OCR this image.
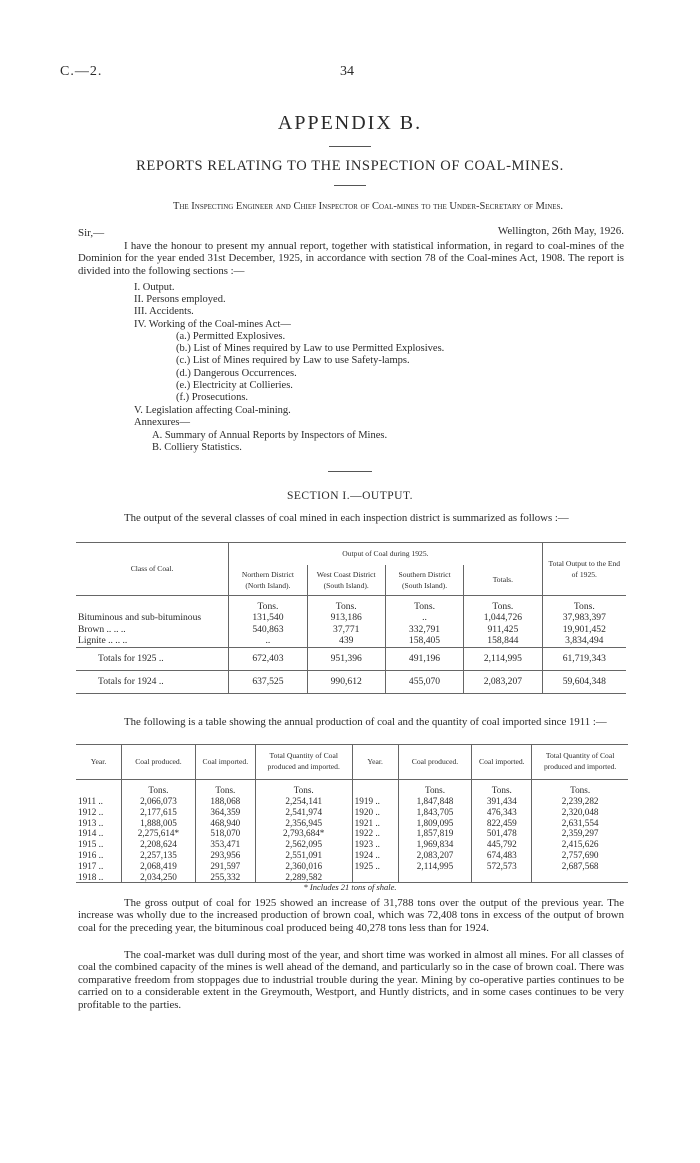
C.—2.	34
APPENDIX B.
REPORTS RELATING TO THE INSPECTION OF COAL-MINES.
The Inspecting Engineer and Chief Inspector of Coal-mines to the Under-Secretary of Mines.
Sir,—	Wellington, 26th May, 1926.
I have the honour to present my annual report, together with statistical information, in regard to coal-mines of the Dominion for the year ended 31st December, 1925, in accordance with section 78 of the Coal-mines Act, 1908. The report is divided into the following sections :—
I. Output.
II. Persons employed.
III. Accidents.
IV. Working of the Coal-mines Act—
(a.) Permitted Explosives.
(b.) List of Mines required by Law to use Permitted Explosives.
(c.) List of Mines required by Law to use Safety-lamps.
(d.) Dangerous Occurrences.
(e.) Electricity at Collieries.
(f.) Prosecutions.
V. Legislation affecting Coal-mining.
Annexures—
A. Summary of Annual Reports by Inspectors of Mines.
B. Colliery Statistics.
SECTION I.—OUTPUT.
The output of the several classes of coal mined in each inspection district is summarized as follows :—
Class of Coal.	Output of Coal during 1925.				Total Output to the End of 1925.
	Northern District (North Island).	West Coast District (South Island).	Southern District (South Island).	Totals.	
	Tons.	Tons.	Tons.	Tons.	Tons.
Bituminous and sub-bituminous	131,540	913,186	..	1,044,726	37,983,397
Brown .. .. ..	540,863	37,771	332,791	911,425	19,901,452
Lignite .. .. ..	..	439	158,405	158,844	3,834,494
Totals for 1925 ..	672,403	951,396	491,196	2,114,995	61,719,343
Totals for 1924 ..	637,525	990,612	455,070	2,083,207	59,604,348
The following is a table showing the annual production of coal and the quantity of coal imported since 1911 :—
Year.	Coal produced.	Coal imported.	Total Quantity of Coal produced and imported.	Year.	Coal produced.	Coal imported.	Total Quantity of Coal produced and imported.
	Tons.	Tons.	Tons.		Tons.	Tons.	Tons.
1911 ..	2,066,073	188,068	2,254,141	1919 ..	1,847,848	391,434	2,239,282
1912 ..	2,177,615	364,359	2,541,974	1920 ..	1,843,705	476,343	2,320,048
1913 ..	1,888,005	468,940	2,356,945	1921 ..	1,809,095	822,459	2,631,554
1914 ..	2,275,614*	518,070	2,793,684*	1922 ..	1,857,819	501,478	2,359,297
1915 ..	2,208,624	353,471	2,562,095	1923 ..	1,969,834	445,792	2,415,626
1916 ..	2,257,135	293,956	2,551,091	1924 ..	2,083,207	674,483	2,757,690
1917 ..	2,068,419	291,597	2,360,016	1925 ..	2,114,995	572,573	2,687,568
1918 ..	2,034,250	255,332	2,289,582				
* Includes 21 tons of shale.
The gross output of coal for 1925 showed an increase of 31,788 tons over the output of the previous year. The increase was wholly due to the increased production of brown coal, which was 72,408 tons in excess of the output of brown coal for the preceding year, the bituminous coal produced being 40,278 tons less than for 1924.
The coal-market was dull during most of the year, and short time was worked in almost all mines. For all classes of coal the combined capacity of the mines is well ahead of the demand, and particularly so in the case of brown coal. There was comparative freedom from stoppages due to industrial trouble during the year. Mining by co-operative parties continues to be carried on to a considerable extent in the Greymouth, Westport, and Huntly districts, and in some cases continues to be very profitable to the parties.
